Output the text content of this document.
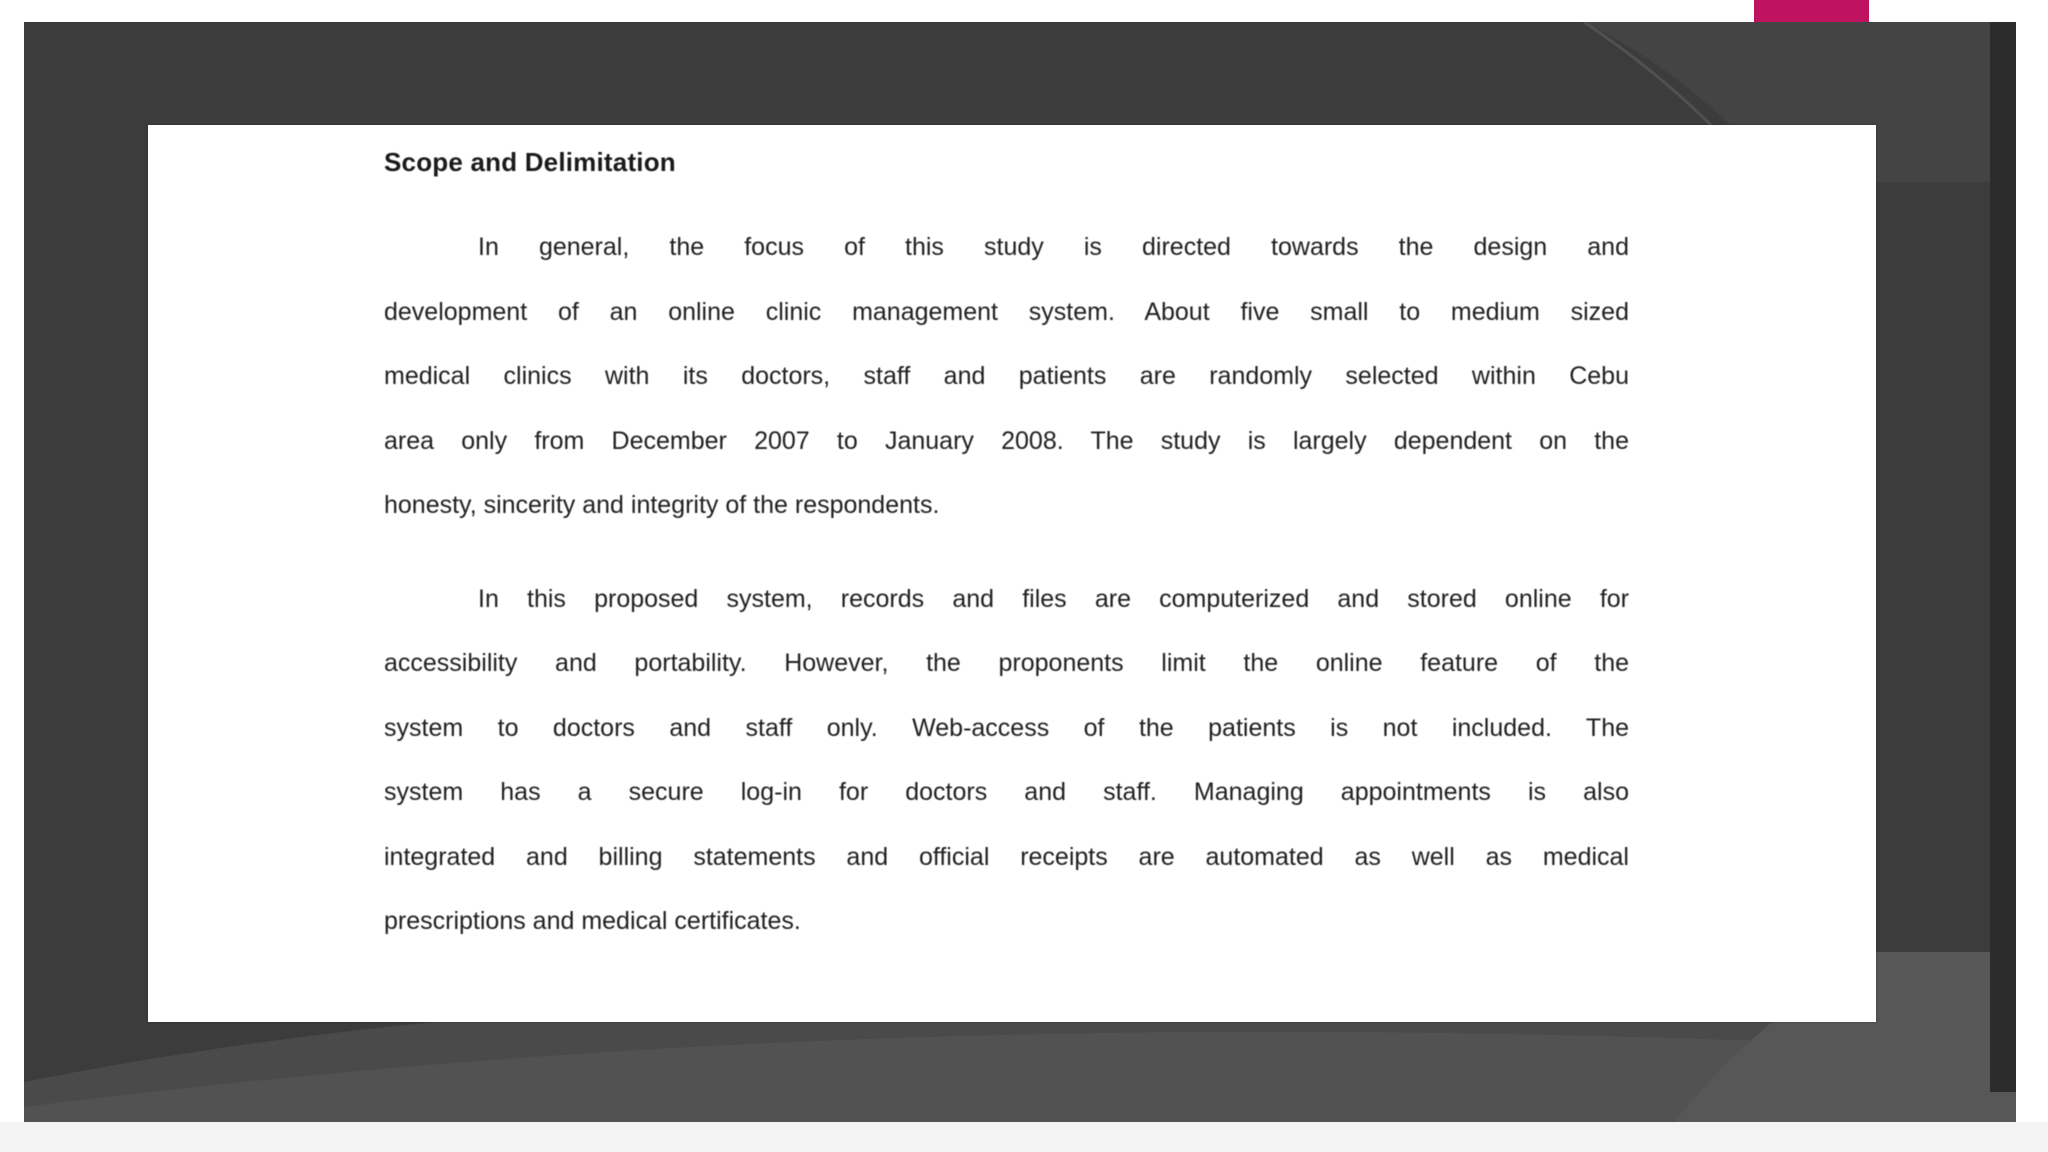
Scope and Delimitation
In general, the focus of this study is directed towards the design and
development of an online clinic management system. About five small to medium sized
medical clinics with its doctors, staff and patients are randomly selected within Cebu
area only from December 2007 to January 2008. The study is largely dependent on the
honesty, sincerity and integrity of the respondents.
In this proposed system, records and files are computerized and stored online for
accessibility and portability. However, the proponents limit the online feature of the
system to doctors and staff only. Web-access of the patients is not included. The
system has a secure log-in for doctors and staff. Managing appointments is also
integrated and billing statements and official receipts are automated as well as medical
prescriptions and medical certificates.
